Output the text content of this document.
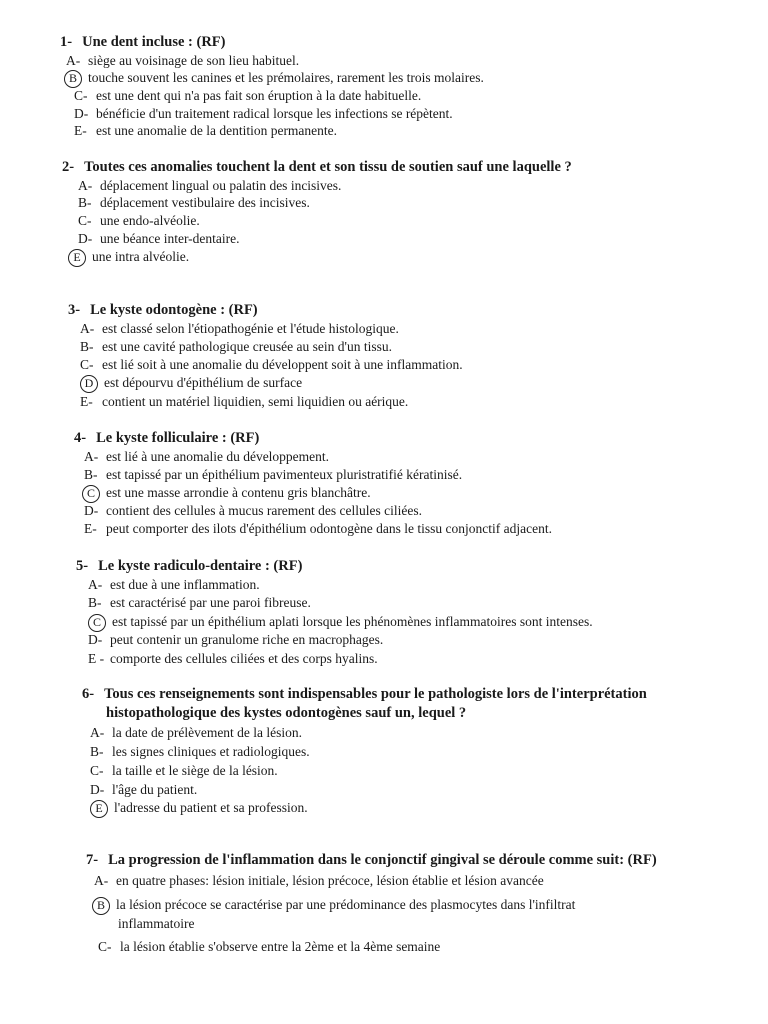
1- Une dent incluse : (RF)
A- siège au voisinage de son lieu habituel.
B touche souvent les canines et les prémolaires, rarement les trois molaires.
C- est une dent qui n'a pas fait son éruption à la date habituelle.
D- bénéficie d'un traitement radical lorsque les infections se répètent.
E- est une anomalie de la dentition permanente.
2- Toutes ces anomalies touchent la dent et son tissu de soutien sauf une laquelle ?
A- déplacement lingual ou palatin des incisives.
B- déplacement vestibulaire des incisives.
C- une endo-alvéolie.
D- une béance inter-dentaire.
E une intra alvéolie.
3- Le kyste odontogène : (RF)
A- est classé selon l'étiopathogénie et l'étude histologique.
B- est une cavité pathologique creusée au sein d'un tissu.
C- est lié soit à une anomalie du développent soit à une inflammation.
D est dépourvu d'épithélium de surface
E- contient un matériel liquidien, semi liquidien ou aérique.
4- Le kyste folliculaire : (RF)
A- est lié à une anomalie du développement.
B- est tapissé par un épithélium pavimenteux pluristratifié kératinisé.
C est une masse arrondie à contenu gris blanchâtre.
D- contient des cellules à mucus rarement des cellules ciliées.
E- peut comporter des ilots d'épithélium odontogène dans le tissu conjonctif adjacent.
5- Le kyste radiculo-dentaire : (RF)
A- est due à une inflammation.
B- est caractérisé par une paroi fibreuse.
C est tapissé par un épithélium aplati lorsque les phénomènes inflammatoires sont intenses.
D- peut contenir un granulome riche en macrophages.
E - comporte des cellules ciliées et des corps hyalins.
6- Tous ces renseignements sont indispensables pour le pathologiste lors de l'interprétation
histopathologique des kystes odontogènes sauf un, lequel ?
A- la date de prélèvement de la lésion.
B- les signes cliniques et radiologiques.
C- la taille et le siège de la lésion.
D- l'âge du patient.
E l'adresse du patient et sa profession.
7- La progression de l'inflammation dans le conjonctif gingival se déroule comme suit: (RF)
A- en quatre phases: lésion initiale, lésion précoce, lésion établie et lésion avancée
B la lésion précoce se caractérise par une prédominance des plasmocytes dans l'infiltrat
inflammatoire
C- la lésion établie s'observe entre la 2ème et la 4ème semaine
